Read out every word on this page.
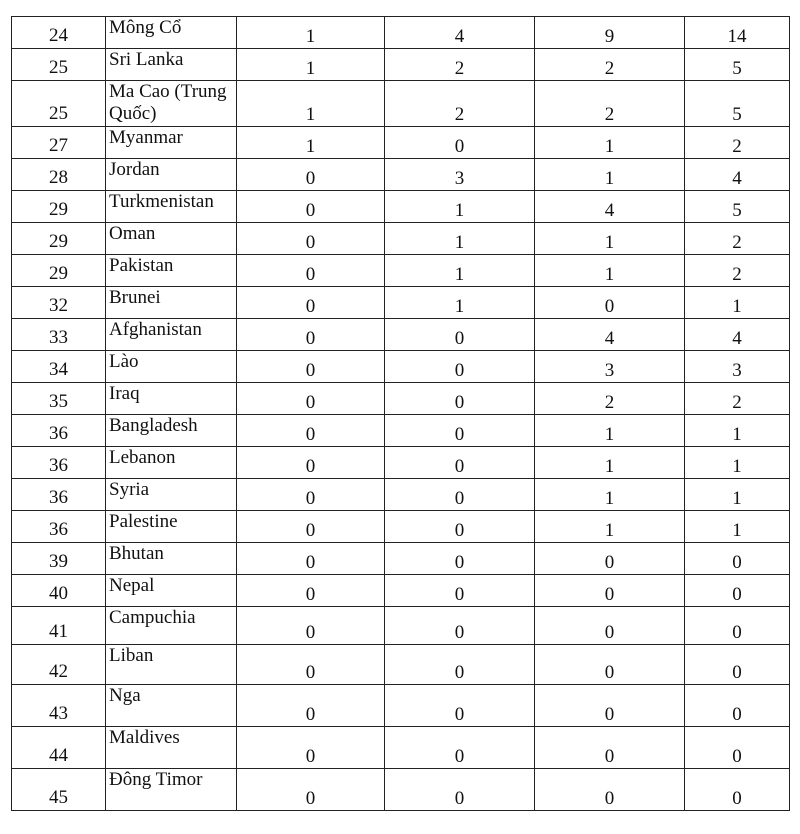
24	Mông Cổ	1	4	9	14
25	Sri Lanka	1	2	2	5
25	Ma Cao (Trung Quốc)	1	2	2	5
27	Myanmar	1	0	1	2
28	Jordan	0	3	1	4
29	Turkmenistan	0	1	4	5
29	Oman	0	1	1	2
29	Pakistan	0	1	1	2
32	Brunei	0	1	0	1
33	Afghanistan	0	0	4	4
34	Lào	0	0	3	3
35	Iraq	0	0	2	2
36	Bangladesh	0	0	1	1
36	Lebanon	0	0	1	1
36	Syria	0	0	1	1
36	Palestine	0	0	1	1
39	Bhutan	0	0	0	0
40	Nepal	0	0	0	0
41	Campuchia	0	0	0	0
42	Liban	0	0	0	0
43	Nga	0	0	0	0
44	Maldives	0	0	0	0
45	Đông Timor	0	0	0	0
